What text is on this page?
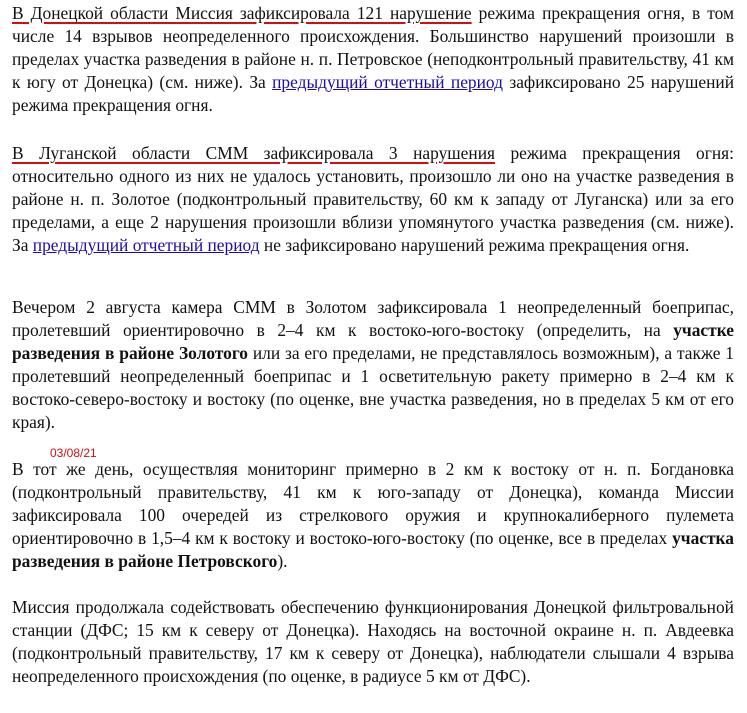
В Донецкой области Миссия зафиксировала 121 нарушение режима прекращения огня, в том числе 14 взрывов неопределенного происхождения. Большинство нарушений произошли в пределах участка разведения в районе н. п. Петровское (неподконтрольный правительству, 41 км к югу от Донецка) (см. ниже). За предыдущий отчетный период зафиксировано 25 нарушений режима прекращения огня.

В Луганской области СММ зафиксировала 3 нарушения режима прекращения огня: относительно одного из них не удалось установить, произошло ли оно на участке разведения в районе н. п. Золотое (подконтрольный правительству, 60 км к западу от Луганска) или за его пределами, а еще 2 нарушения произошли вблизи упомянутого участка разведения (см. ниже). За предыдущий отчетный период не зафиксировано нарушений режима прекращения огня.

Вечером 2 августа камера СММ в Золотом зафиксировала 1 неопределенный боеприпас, пролетевший ориентировочно в 2–4 км к востоко-юго-востоку (определить, на участке разведения в районе Золотого или за его пределами, не представлялось возможным), а также 1 пролетевший неопределенный боеприпас и 1 осветительную ракету примерно в 2–4 км к востоко-северо-востоку и востоку (по оценке, вне участка разведения, но в пределах 5 км от его края).

03/08/21

В тот же день, осуществляя мониторинг примерно в 2 км к востоку от н. п. Богдановка (подконтрольный правительству, 41 км к юго-западу от Донецка), команда Миссии зафиксировала 100 очередей из стрелкового оружия и крупнокалиберного пулемета ориентировочно в 1,5–4 км к востоку и востоко-юго-востоку (по оценке, все в пределах участка разведения в районе Петровского).

Миссия продолжала содействовать обеспечению функционирования Донецкой фильтровальной станции (ДФС; 15 км к северу от Донецка). Находясь на восточной окраине н. п. Авдеевка (подконтрольный правительству, 17 км к северу от Донецка), наблюдатели слышали 4 взрыва неопределенного происхождения (по оценке, в радиусе 5 км от ДФС).
